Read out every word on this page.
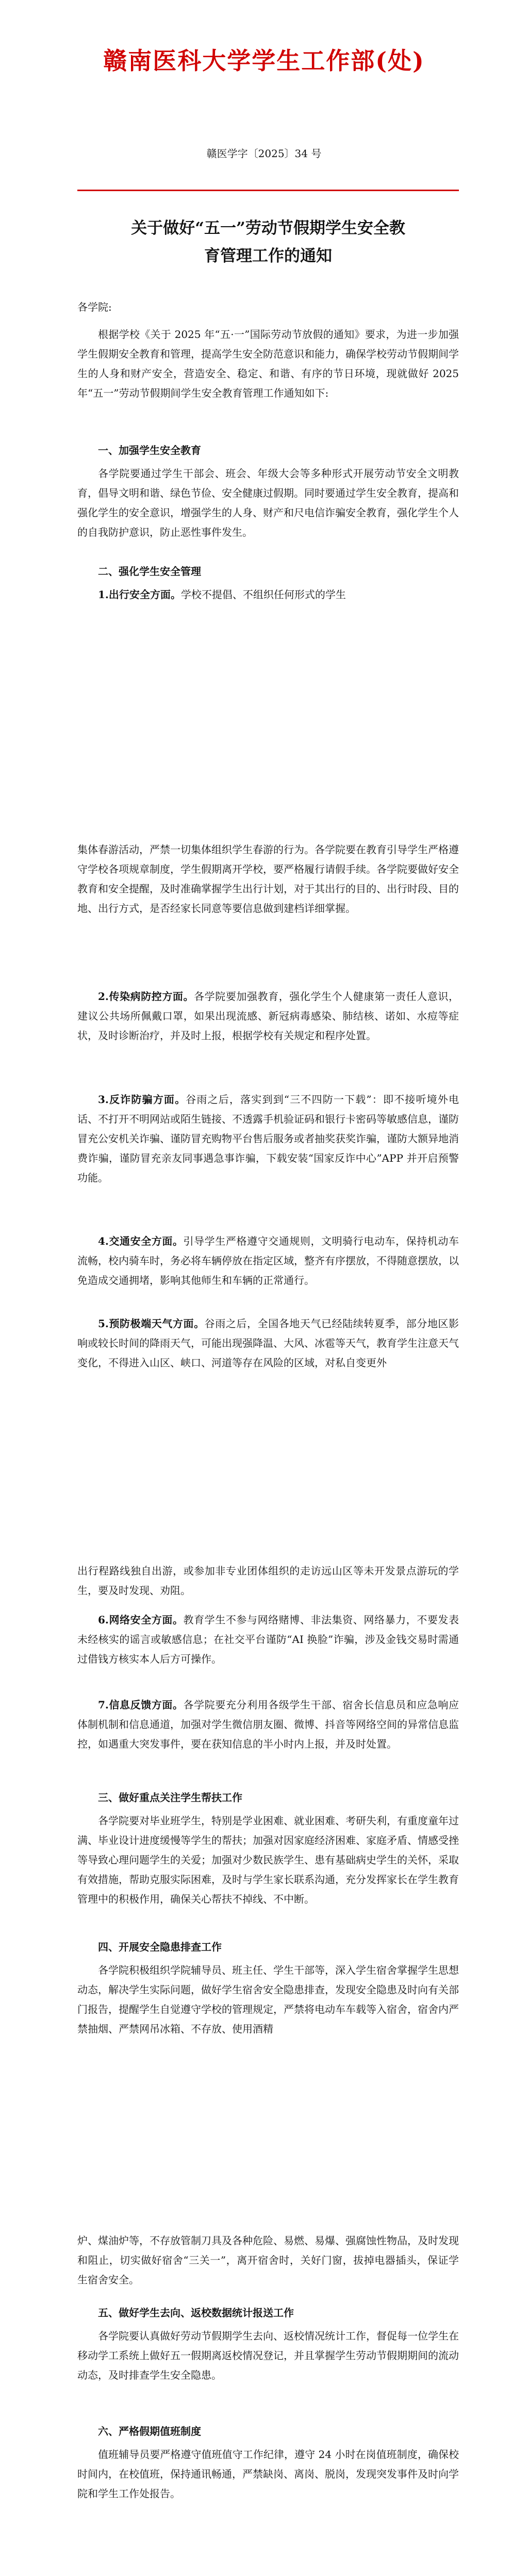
赣南医科大学学生工作部(处)
赣医学字〔2025〕34 号
关于做好“五一”劳动节假期学生安全教
育管理工作的通知
各学院:
根据学校《关于 2025 年“五·一”国际劳动节放假的通知》要求，为进一步加强学生假期安全教育和管理，提高学生安全防范意识和能力，确保学校劳动节假期间学生的人身和财产安全，营造安全、稳定、和谐、有序的节日环境，现就做好 2025 年“五一”劳动节假期间学生安全教育管理工作通知如下:
一、加强学生安全教育
各学院要通过学生干部会、班会、年级大会等多种形式开展劳动节安全文明教育，倡导文明和谐、绿色节俭、安全健康过假期。同时要通过学生安全教育，提高和强化学生的安全意识，增强学生的人身、财产和尺电信诈骗安全教育，强化学生个人的自我防护意识，防止恶性事件发生。
二、强化学生安全管理
1.出行安全方面。学校不提倡、不组织任何形式的学生
集体春游活动，严禁一切集体组织学生春游的行为。各学院要在教育引导学生严格遵守学校各项规章制度，学生假期离开学校，要严格履行请假手续。各学院要做好安全教育和安全提醒，及时准确掌握学生出行计划，对于其出行的目的、出行时段、目的地、出行方式，是否经家长同意等要信息做到建档详细掌握。
2.传染病防控方面。各学院要加强教育，强化学生个人健康第一责任人意识，建议公共场所佩戴口罩，如果出现流感、新冠病毒感染、肺结核、诺如、水痘等症状，及时诊断治疗，并及时上报，根据学校有关规定和程序处置。
3.反诈防骗方面。谷雨之后，落实到到“三不四防一下载”：即不接听境外电话、不打开不明网站或陌生链接、不透露手机验证码和银行卡密码等敏感信息，谨防冒充公安机关诈骗、谨防冒充购物平台售后服务或者抽奖获奖诈骗，谨防大额异地消费诈骗，谨防冒充亲友同事遇急事诈骗，下载安装“国家反诈中心”APP 并开启预警功能。
4.交通安全方面。引导学生严格遵守交通规则，文明骑行电动车，保持机动车流畅，校内骑车时，务必将车辆停放在指定区域，整齐有序摆放，不得随意摆放，以免造成交通拥堵，影响其他师生和车辆的正常通行。
5.预防极端天气方面。谷雨之后，全国各地天气已经陆续转夏季，部分地区影响或较长时间的降雨天气，可能出现强降温、大风、冰雹等天气，教育学生注意天气变化，不得进入山区、峡口、河道等存在风险的区域，对私自变更外
出行程路线独自出游，或参加非专业团体组织的走访远山区等未开发景点游玩的学生，要及时发现、劝阻。
6.网络安全方面。教育学生不参与网络赌博、非法集资、网络暴力，不要发表未经核实的谣言或敏感信息；在社交平台谨防“AI 换脸”诈骗，涉及金钱交易时需通过借钱方核实本人后方可操作。
7.信息反馈方面。各学院要充分利用各级学生干部、宿舍长信息员和应急响应体制机制和信息通道，加强对学生微信朋友圈、微博、抖音等网络空间的异常信息监控，如遇重大突发事件，要在获知信息的半小时内上报，并及时处置。
三、做好重点关注学生帮扶工作
各学院要对毕业班学生，特别是学业困难、就业困难、考研失利，有重度童年过满、毕业设计进度缓慢等学生的帮扶；加强对因家庭经济困难、家庭矛盾、情感受挫等导致心理问题学生的关爱；加强对少数民族学生、患有基础病史学生的关怀，采取有效措施，帮助克服实际困难，及时与学生家长联系沟通，充分发挥家长在学生教育管理中的积极作用，确保关心帮扶不掉线、不中断。
四、开展安全隐患排查工作
各学院积极组织学院辅导员、班主任、学生干部等，深入学生宿舍掌握学生思想动态，解决学生实际问题，做好学生宿舍安全隐患排查，发现安全隐患及时向有关部门报告，提醒学生自觉遵守学校的管理规定，严禁将电动车车载等入宿舍，宿舍内严禁抽烟、严禁网吊冰箱、不存放、使用酒精
炉、煤油炉等，不存放管制刀具及各种危险、易燃、易爆、强腐蚀性物品，及时发现和阻止，切实做好宿舍“三关一”，离开宿舍时，关好门窗，拔掉电器插头，保证学生宿舍安全。
五、做好学生去向、返校数据统计报送工作
各学院要认真做好劳动节假期学生去向、返校情况统计工作，督促每一位学生在移动学工系统上做好五一假期离返校情况登记，并且掌握学生劳动节假期期间的流动动态，及时排查学生安全隐患。
六、严格假期值班制度
值班辅导员要严格遵守值班值守工作纪律，遵守 24 小时在岗值班制度，确保校时间内，在校值班，保持通讯畅通，严禁缺岗、离岗、脱岗，发现突发事件及时向学院和学生工作处报告。
